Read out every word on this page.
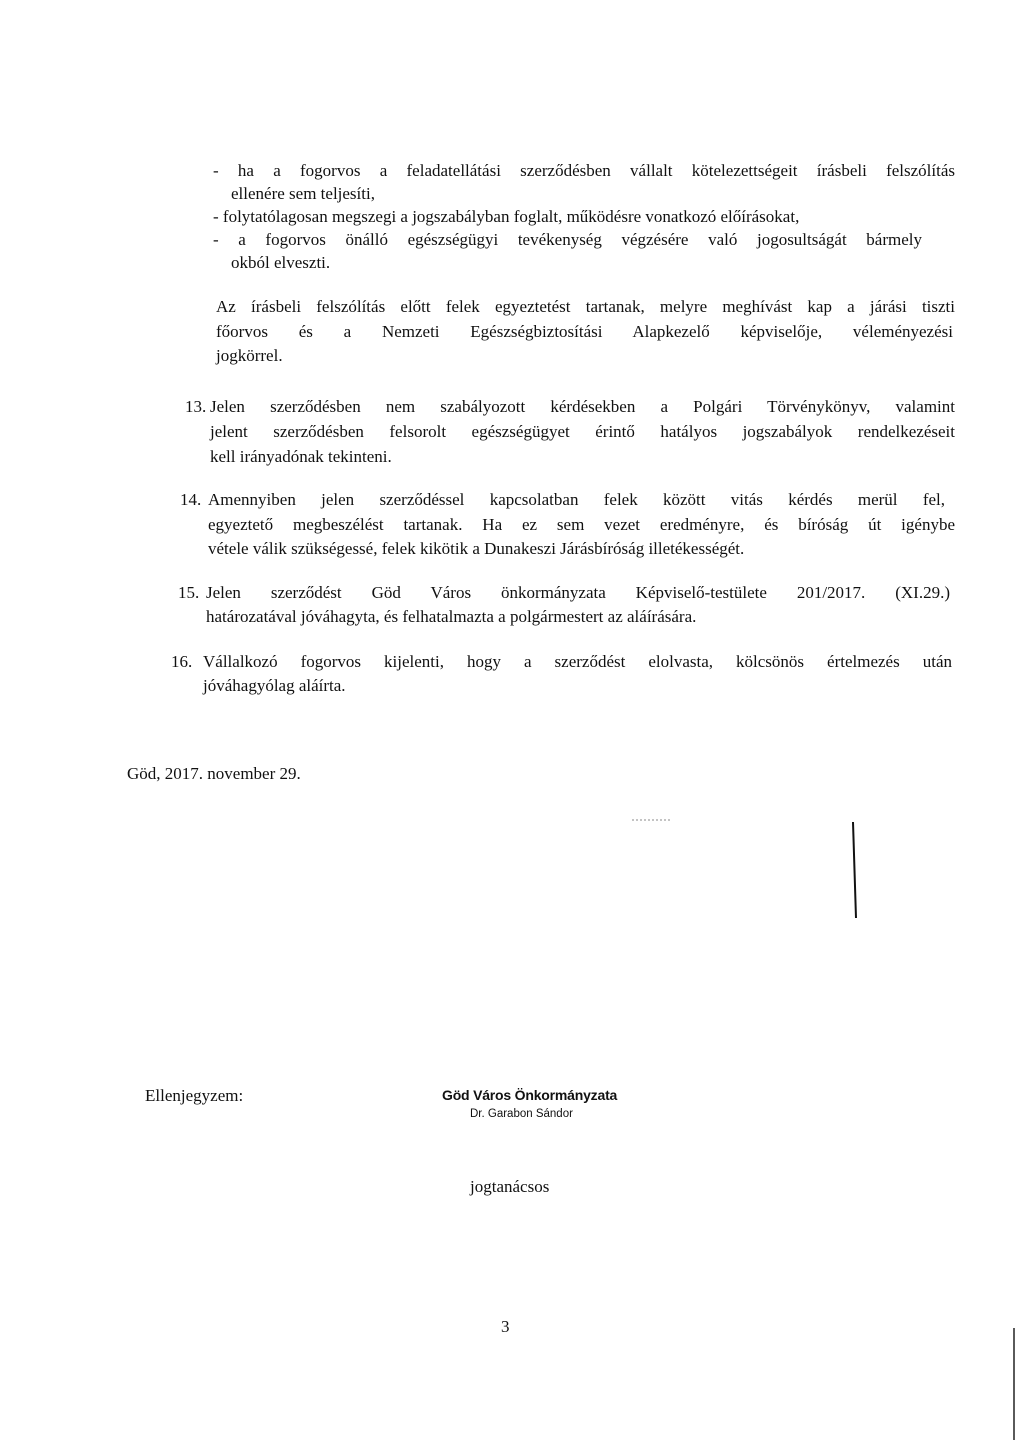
- ha a fogorvos a feladatellátási szerződésben vállalt kötelezettségeit írásbeli felszólítás
ellenére sem teljesíti,
- folytatólagosan megszegi a jogszabályban foglalt, működésre vonatkozó előírásokat,
- a fogorvos önálló egészségügyi tevékenység végzésére való jogosultságát bármely
okból elveszti.
Az írásbeli felszólítás előtt felek egyeztetést tartanak, melyre meghívást kap a járási tiszti
főorvos és a Nemzeti Egészségbiztosítási Alapkezelő képviselője, véleményezési
jogkörrel.
13. Jelen szerződésben nem szabályozott kérdésekben a Polgári Törvénykönyv, valamint
jelent szerződésben felsorolt egészségügyet érintő hatályos jogszabályok rendelkezéseit
kell irányadónak tekinteni.
14. Amennyiben jelen szerződéssel kapcsolatban felek között vitás kérdés merül fel,
egyeztető megbeszélést tartanak. Ha ez sem vezet eredményre, és bíróság út igénybe
vétele válik szükségessé, felek kikötik a Dunakeszi Járásbíróság illetékességét.
15. Jelen szerződést Göd Város önkormányzata Képviselő-testülete 201/2017. (XI.29.)
határozatával jóváhagyta, és felhatalmazta a polgármestert az aláírására.
16. Vállalkozó fogorvos kijelenti, hogy a szerződést elolvasta, kölcsönös értelmezés után
jóváhagyólag aláírta.
Göd, 2017. november 29.
Ellenjegyzem:	Göd Város Önkormányzata
Dr. Garabon Sándor
jogtanácsos
3
